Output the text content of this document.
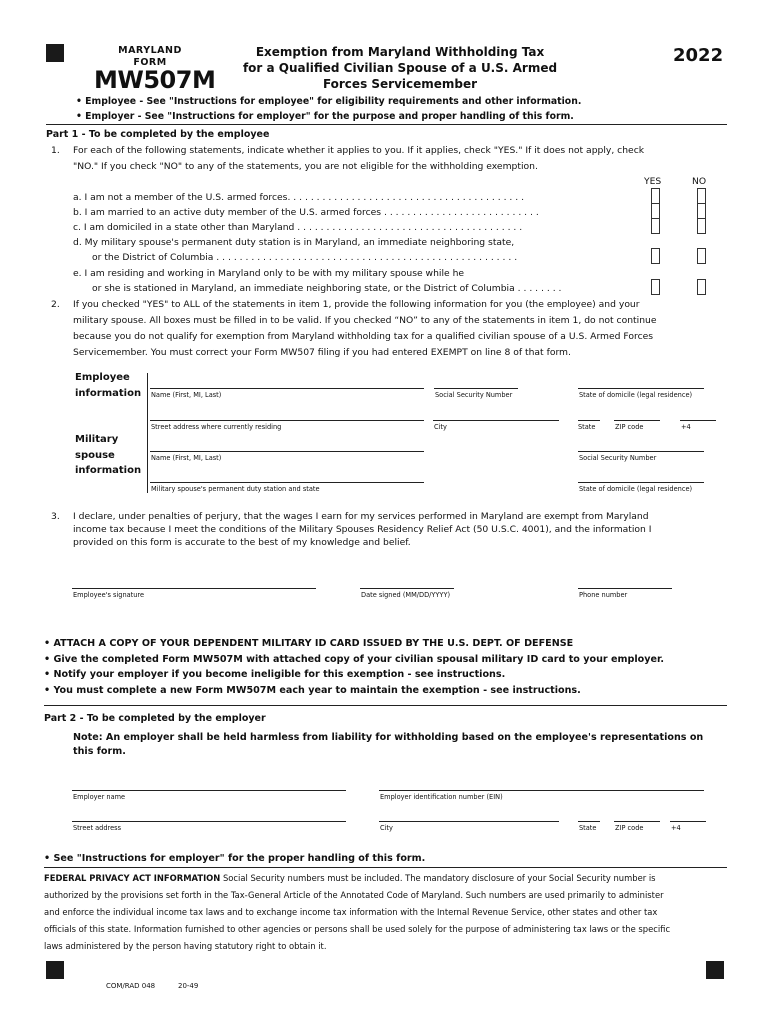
MARYLAND
FORM
MW507M
Exemption from Maryland Withholding Tax
for a Qualified Civilian Spouse of a U.S. Armed
Forces Servicemember
2022
• Employee - See "Instructions for employee" for eligibility requirements and other information.
• Employer - See "Instructions for employer" for the purpose and proper handling of this form.
Part 1 - To be completed by the employee
1. For each of the following statements, indicate whether it applies to you. If it applies, check "YES." If it does not apply, check
"NO." If you check "NO" to any of the statements, you are not eligible for the withholding exemption.
YES	NO
a. I am not a member of the U.S. armed forces. . . . . . . . . . . . . . . . . . . . . . . . . . . . . . . . . . . . . . . . .
b. I am married to an active duty member of the U.S. armed forces . . . . . . . . . . . . . . . . . . . . . . . . . . .
c. I am domiciled in a state other than Maryland . . . . . . . . . . . . . . . . . . . . . . . . . . . . . . . . . . . . . . .
d. My military spouse's permanent duty station is in Maryland, an immediate neighboring state,
or the District of Columbia . . . . . . . . . . . . . . . . . . . . . . . . . . . . . . . . . . . . . . . . . . . . . . . . . . . .
e. I am residing and working in Maryland only to be with my military spouse while he
or she is stationed in Maryland, an immediate neighboring state, or the District of Columbia . . . . . . . .
2. If you checked "YES" to ALL of the statements in item 1, provide the following information for you (the employee) and your
military spouse. All boxes must be filled in to be valid. If you checked “NO” to any of the statements in item 1, do not continue
because you do not qualify for exemption from Maryland withholding tax for a qualified civilian spouse of a U.S. Armed Forces
Servicemember. You must correct your Form MW507 filing if you had entered EXEMPT on line 8 of that form.
Employee
information Name (First, MI, Last)	Social Security Number	State of domicile (legal residence)
Street address where currently residing	City	State	ZIP code	+4
Military
spouse
information
Name (First, MI, Last)	Social Security Number
Military spouse's permanent duty station and state	State of domicile (legal residence)
3. I declare, under penalties of perjury, that the wages I earn for my services performed in Maryland are exempt from Maryland
income tax because I meet the conditions of the Military Spouses Residency Relief Act (50 U.S.C. 4001), and the information I
provided on this form is accurate to the best of my knowledge and belief.
Employee's signature	Date signed (MM/DD/YYYY)	Phone number
• ATTACH A COPY OF YOUR DEPENDENT MILITARY ID CARD ISSUED BY THE U.S. DEPT. OF DEFENSE
• Give the completed Form MW507M with attached copy of your civilian spousal military ID card to your employer.
• Notify your employer if you become ineligible for this exemption - see instructions.
• You must complete a new Form MW507M each year to maintain the exemption - see instructions.
Part 2 - To be completed by the employer
Note: An employer shall be held harmless from liability for withholding based on the employee's representations on
this form.
Employer name	Employer identification number (EIN)
Street address	City	State	ZIP code	+4
• See "Instructions for employer" for the proper handling of this form.
FEDERAL PRIVACY ACT INFORMATION Social Security numbers must be included. The mandatory disclosure of your Social Security number is
authorized by the provisions set forth in the Tax-General Article of the Annotated Code of Maryland. Such numbers are used primarily to administer
and enforce the individual income tax laws and to exchange income tax information with the Internal Revenue Service, other states and other tax
officials of this state. Information furnished to other agencies or persons shall be used solely for the purpose of administering tax laws or the specific
laws administered by the person having statutory right to obtain it.
COM/RAD 048	20-49
